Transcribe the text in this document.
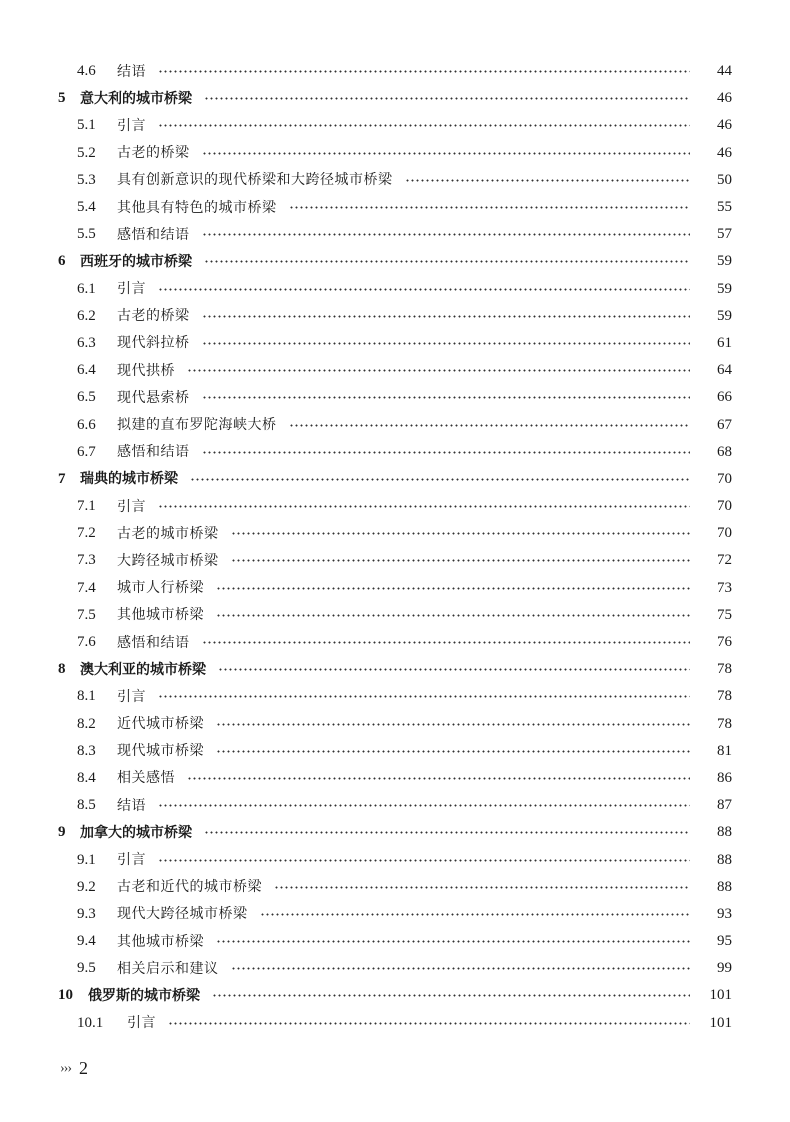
4.6	结语	44
5	意大利的城市桥梁	46
5.1	引言	46
5.2	古老的桥梁	46
5.3	具有创新意识的现代桥梁和大跨径城市桥梁	50
5.4	其他具有特色的城市桥梁	55
5.5	感悟和结语	57
6	西班牙的城市桥梁	59
6.1	引言	59
6.2	古老的桥梁	59
6.3	现代斜拉桥	61
6.4	现代拱桥	64
6.5	现代悬索桥	66
6.6	拟建的直布罗陀海峡大桥	67
6.7	感悟和结语	68
7	瑞典的城市桥梁	70
7.1	引言	70
7.2	古老的城市桥梁	70
7.3	大跨径城市桥梁	72
7.4	城市人行桥梁	73
7.5	其他城市桥梁	75
7.6	感悟和结语	76
8	澳大利亚的城市桥梁	78
8.1	引言	78
8.2	近代城市桥梁	78
8.3	现代城市桥梁	81
8.4	相关感悟	86
8.5	结语	87
9	加拿大的城市桥梁	88
9.1	引言	88
9.2	古老和近代的城市桥梁	88
9.3	现代大跨径城市桥梁	93
9.4	其他城市桥梁	95
9.5	相关启示和建议	99
10	俄罗斯的城市桥梁	101
10.1	引言	101
››› 2
